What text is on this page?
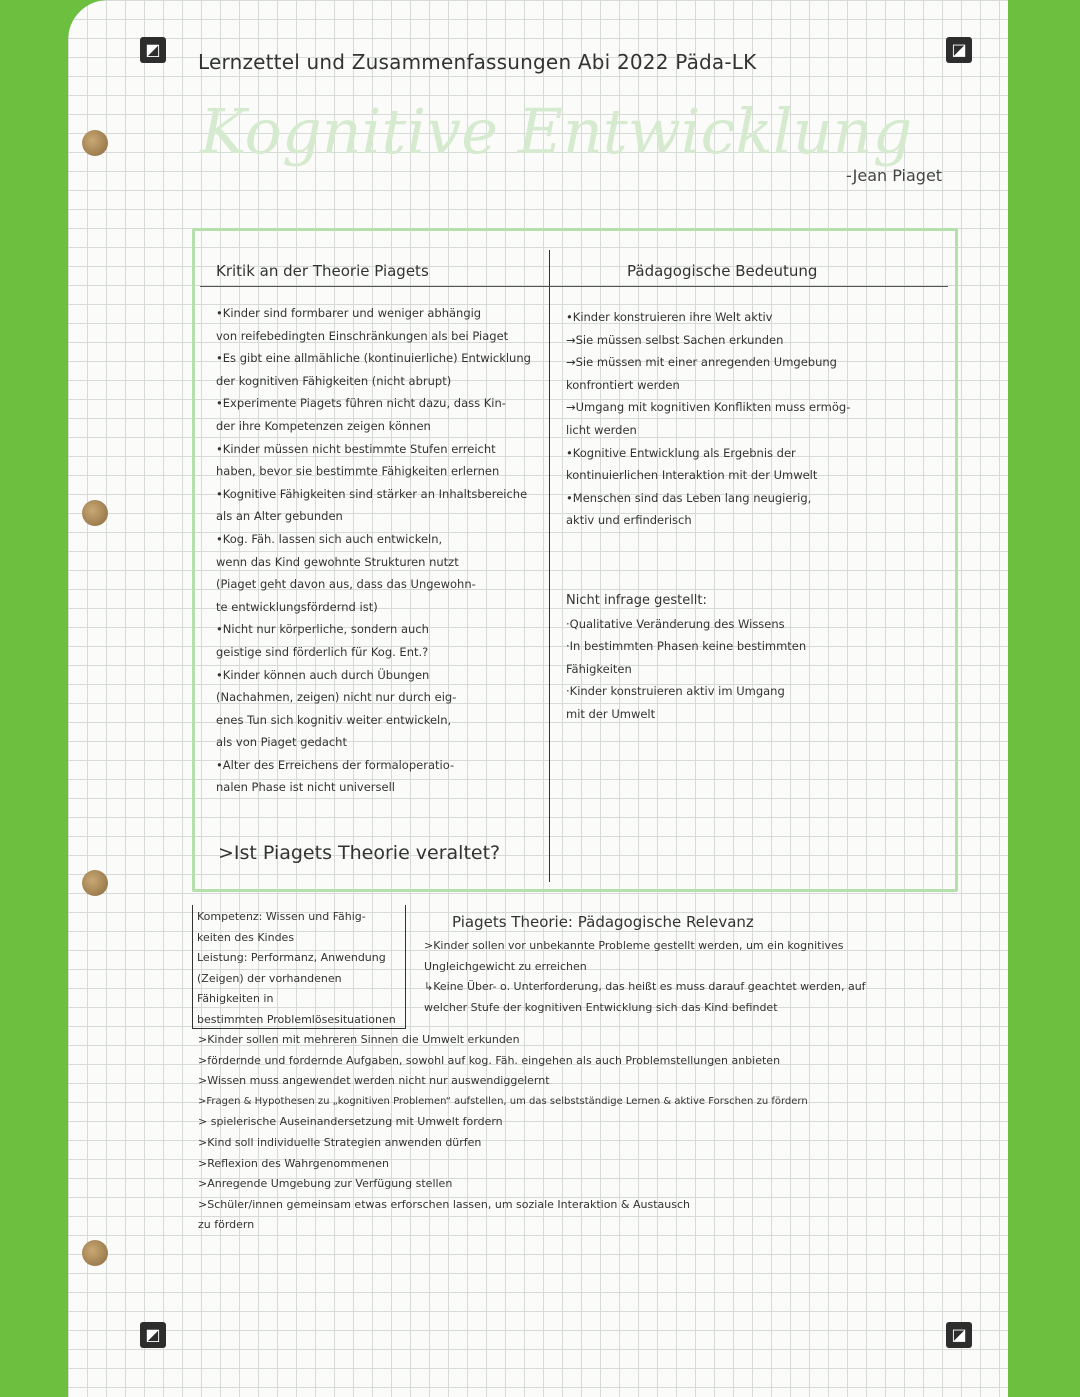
◩	◪
◩	◪
Lernzettel und Zusammenfassungen Abi 2022 Päda-LK
Kognitive Entwicklung
-Jean Piaget
Kritik an der Theorie Piagets	Pädagogische Bedeutung
•Kinder sind formbarer und weniger abhängig
von reifebedingten Einschränkungen als bei Piaget
•Es gibt eine allmähliche (kontinuierliche) Entwicklung
der kognitiven Fähigkeiten (nicht abrupt)
•Experimente Piagets führen nicht dazu, dass Kin-
der ihre Kompetenzen zeigen können
•Kinder müssen nicht bestimmte Stufen erreicht
haben, bevor sie bestimmte Fähigkeiten erlernen
•Kognitive Fähigkeiten sind stärker an Inhaltsbereiche
als an Alter gebunden
•Kog. Fäh. lassen sich auch entwickeln,
wenn das Kind gewohnte Strukturen nutzt
(Piaget geht davon aus, dass das Ungewohn-
te entwicklungsfördernd ist)
•Nicht nur körperliche, sondern auch
geistige sind förderlich für Kog. Ent.?
•Kinder können auch durch Übungen
(Nachahmen, zeigen) nicht nur durch eig-
enes Tun sich kognitiv weiter entwickeln,
als von Piaget gedacht
•Alter des Erreichens der formaloperatio-
nalen Phase ist nicht universell
>Ist Piagets Theorie veraltet?
•Kinder konstruieren ihre Welt aktiv
→Sie müssen selbst Sachen erkunden
→Sie müssen mit einer anregenden Umgebung
konfrontiert werden
→Umgang mit kognitiven Konflikten muss ermög-
licht werden
•Kognitive Entwicklung als Ergebnis der
kontinuierlichen Interaktion mit der Umwelt
•Menschen sind das Leben lang neugierig,
aktiv und erfinderisch
Nicht infrage gestellt:
·Qualitative Veränderung des Wissens
·In bestimmten Phasen keine bestimmten
Fähigkeiten
·Kinder konstruieren aktiv im Umgang
mit der Umwelt
Kompetenz: Wissen und Fähig-
keiten des Kindes
Leistung: Performanz, Anwendung
(Zeigen) der vorhandenen Fähigkeiten in
bestimmten Problemlösesituationen
Piagets Theorie: Pädagogische Relevanz
>Kinder sollen vor unbekannte Probleme gestellt werden, um ein kognitives
Ungleichgewicht zu erreichen
↳Keine Über- o. Unterforderung, das heißt es muss darauf geachtet werden, auf
welcher Stufe der kognitiven Entwicklung sich das Kind befindet
>Kinder sollen mit mehreren Sinnen die Umwelt erkunden
>fördernde und fordernde Aufgaben, sowohl auf kog. Fäh. eingehen als auch Problemstellungen anbieten
>Wissen muss angewendet werden nicht nur auswendiggelernt
>Fragen & Hypothesen zu „kognitiven Problemen“ aufstellen, um das selbstständige Lernen & aktive Forschen zu fördern
> spielerische Auseinandersetzung mit Umwelt fordern
>Kind soll individuelle Strategien anwenden dürfen
>Reflexion des Wahrgenommenen
>Anregende Umgebung zur Verfügung stellen
>Schüler/innen gemeinsam etwas erforschen lassen, um soziale Interaktion & Austausch
zu fördern
